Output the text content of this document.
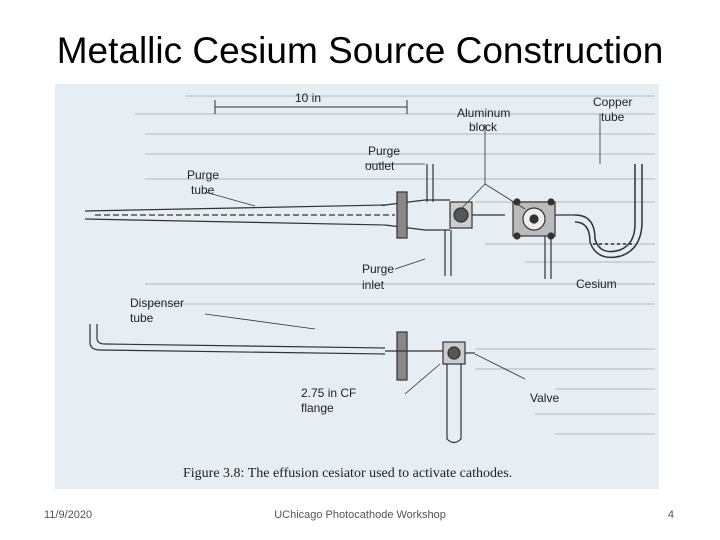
Metallic Cesium Source Construction
10 in
Aluminum
block
Copper
tube
Purge
outlet
Purge
tube
Purge
inlet	Cesium
Dispenser
tube
2.75 in CF
flange
Valve
Figure 3.8: The effusion cesiator used to activate cathodes.
11/9/2020	UChicago Photocathode Workshop	4
